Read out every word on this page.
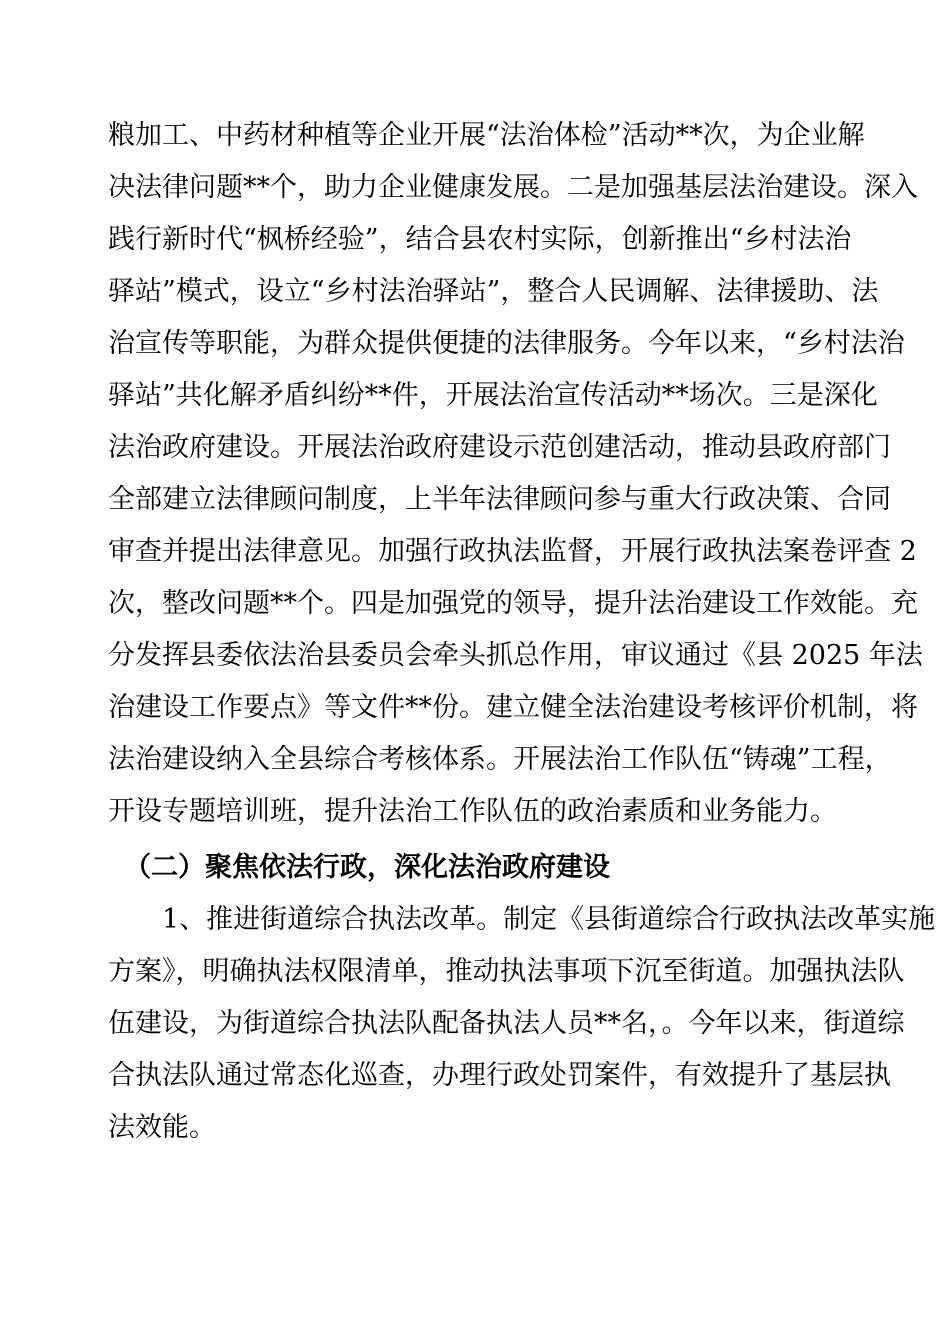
粮加工、中药材种植等企业开展“法治体检”活动**次，为企业解
决法律问题**个，助力企业健康发展。二是加强基层法治建设。深入
践行新时代“枫桥经验”，结合县农村实际，创新推出“乡村法治
驿站”模式，设立“乡村法治驿站”，整合人民调解、法律援助、法
治宣传等职能，为群众提供便捷的法律服务。今年以来，“乡村法治
驿站”共化解矛盾纠纷**件，开展法治宣传活动**场次。三是深化
法治政府建设。开展法治政府建设示范创建活动，推动县政府部门
全部建立法律顾问制度，上半年法律顾问参与重大行政决策、合同
审查并提出法律意见。加强行政执法监督，开展行政执法案卷评查 2
次，整改问题**个。四是加强党的领导，提升法治建设工作效能。充
分发挥县委依法治县委员会牵头抓总作用，审议通过《县 2025 年法
治建设工作要点》等文件**份。建立健全法治建设考核评价机制，将
法治建设纳入全县综合考核体系。开展法治工作队伍“铸魂”工程，
开设专题培训班，提升法治工作队伍的政治素质和业务能力。
（二）聚焦依法行政，深化法治政府建设
1、推进街道综合执法改革。制定《县街道综合行政执法改革实施
方案》，明确执法权限清单，推动执法事项下沉至街道。加强执法队
伍建设，为街道综合执法队配备执法人员**名，。今年以来，街道综
合执法队通过常态化巡查，办理行政处罚案件，有效提升了基层执
法效能。
